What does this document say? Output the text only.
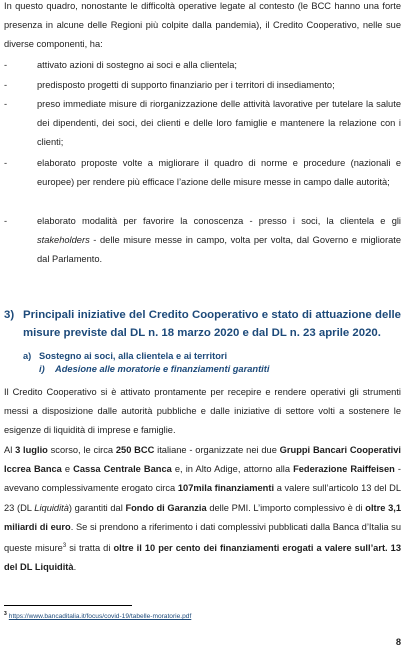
In questo quadro, nonostante le difficoltà operative legate al contesto (le BCC hanno una forte presenza in alcune delle Regioni più colpite dalla pandemia), il Credito Cooperativo, nelle sue diverse componenti, ha:
-	attivato azioni di sostegno ai soci e alla clientela;
-	predisposto progetti di supporto finanziario per i territori di insediamento;
-	preso immediate misure di riorganizzazione delle attività lavorative per tutelare la salute dei dipendenti, dei soci, dei clienti e delle loro famiglie e mantenere la relazione con i clienti;
-	elaborato proposte volte a migliorare il quadro di norme e procedure (nazionali e europee) per rendere più efficace l’azione delle misure messe in campo dalle autorità;
-	elaborato modalità per favorire la conoscenza - presso i soci, la clientela e gli stakeholders - delle misure messe in campo, volta per volta, dal Governo e migliorate dal Parlamento.
3) Principali iniziative del Credito Cooperativo e stato di attuazione delle misure previste dal DL n. 18 marzo 2020 e dal DL n. 23 aprile 2020.
a) Sostegno ai soci, alla clientela e ai territori
i) Adesione alle moratorie e finanziamenti garantiti
Il Credito Cooperativo si è attivato prontamente per recepire e rendere operativi gli strumenti messi a disposizione dalle autorità pubbliche e dalle iniziative di settore volti a sostenere le esigenze di liquidità di imprese e famiglie.
Al 3 luglio scorso, le circa 250 BCC italiane - organizzate nei due Gruppi Bancari Cooperativi Iccrea Banca e Cassa Centrale Banca e, in Alto Adige, attorno alla Federazione Raiffeisen - avevano complessivamente erogato circa 107mila finanziamenti a valere sull’articolo 13 del DL 23 (DL Liquidità) garantiti dal Fondo di Garanzia delle PMI. L’importo complessivo è di oltre 3,1 miliardi di euro. Se si prendono a riferimento i dati complessivi pubblicati dalla Banca d’Italia su queste misure$^3$ si tratta di oltre il 10 per cento dei finanziamenti erogati a valere sull’art. 13 del DL Liquidità.
$^3$ https://www.bancaditalia.it/focus/covid-19/tabelle-moratorie.pdf
8
